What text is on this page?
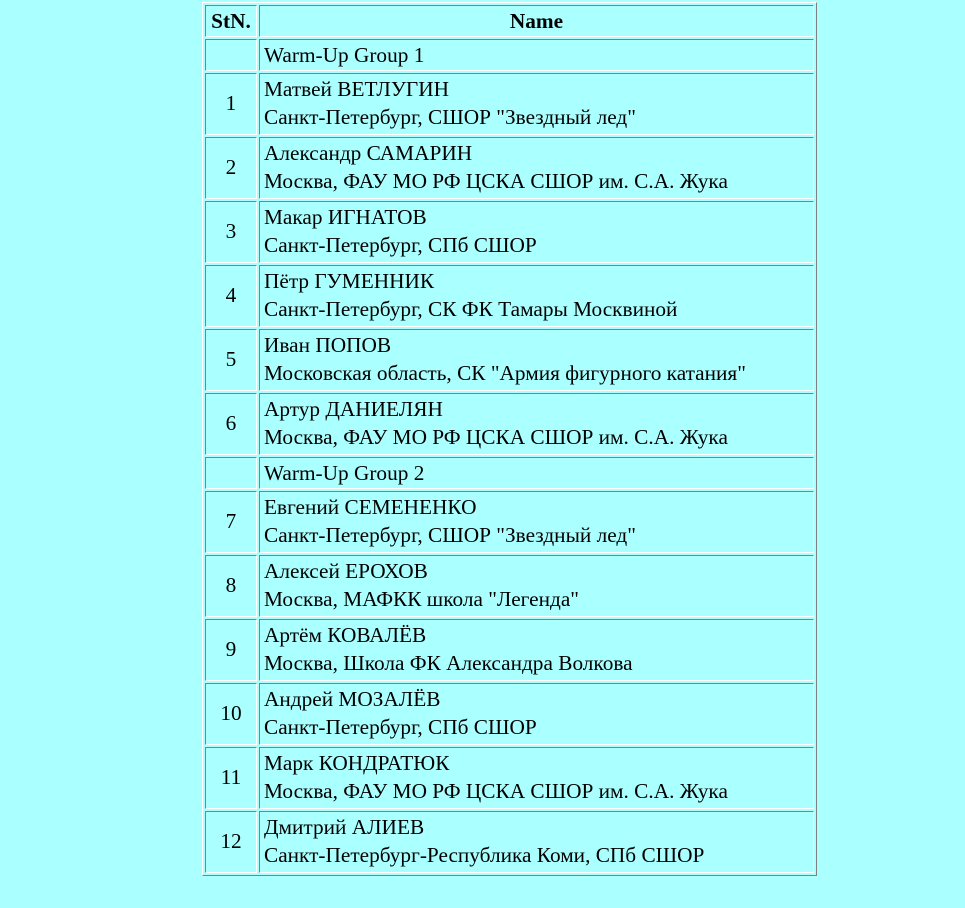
StN.	Name
	Warm-Up Group 1
1	Матвей ВЕТЛУГИН
Санкт-Петербург, СШОР "Звездный лед"

2	Александр САМАРИН
Москва, ФАУ МО РФ ЦСКА СШОР им. С.А. Жука

3	Макар ИГНАТОВ
Санкт-Петербург, СПб СШОР

4	Пётр ГУМЕННИК
Санкт-Петербург, СК ФК Тамары Москвиной

5	Иван ПОПОВ
Московская область, СК "Армия фигурного катания"

6	Артур ДАНИЕЛЯН
Москва, ФАУ МО РФ ЦСКА СШОР им. С.А. Жука

	Warm-Up Group 2
7	Евгений СЕМЕНЕНКО
Санкт-Петербург, СШОР "Звездный лед"

8	Алексей ЕРОХОВ
Москва, МАФКК школа "Легенда"

9	Артём КОВАЛЁВ
Москва, Школа ФК Александра Волкова

10	Андрей МОЗАЛЁВ
Санкт-Петербург, СПб СШОР

11	Марк КОНДРАТЮК
Москва, ФАУ МО РФ ЦСКА СШОР им. С.А. Жука

12	Дмитрий АЛИЕВ
Санкт-Петербург-Республика Коми, СПб СШОР
